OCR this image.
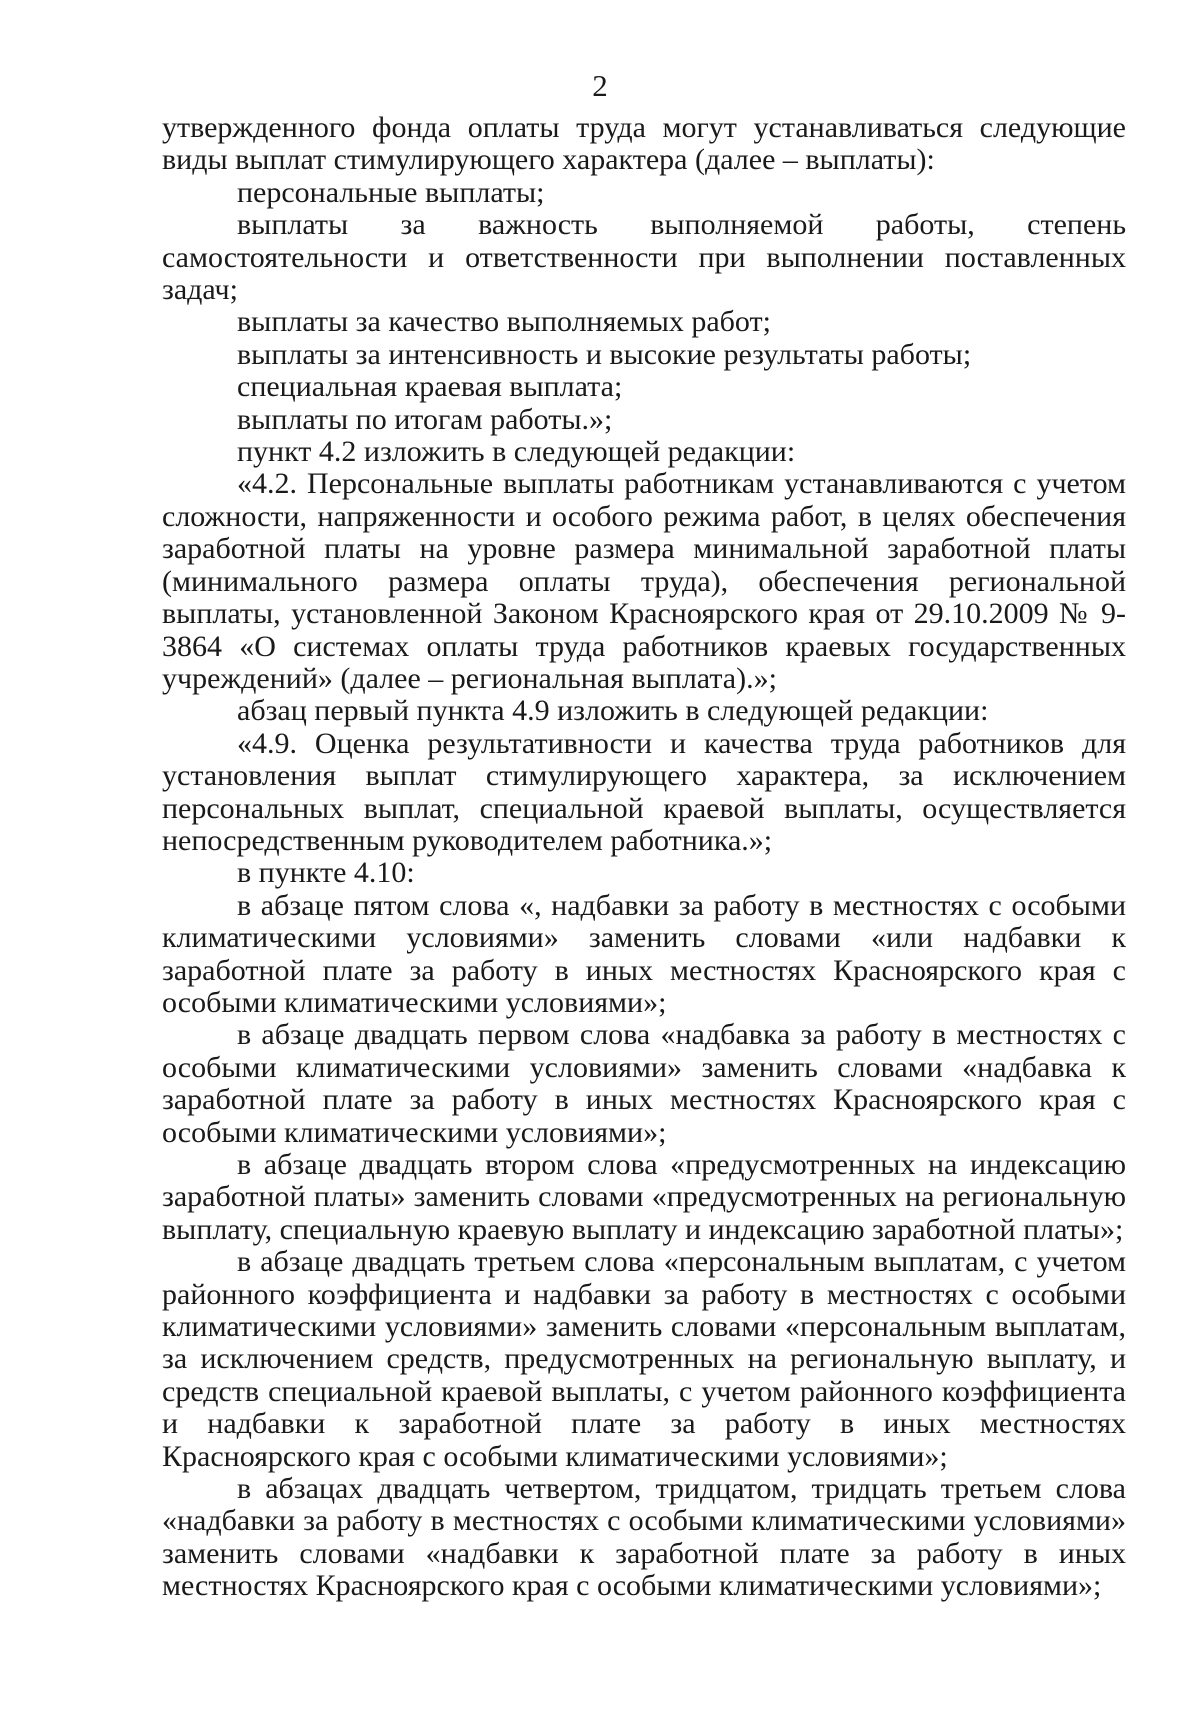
2

утвержденного фонда оплаты труда могут устанавливаться следующие виды выплат стимулирующего характера (далее – выплаты):

персональные выплаты;

выплаты за важность выполняемой работы, степень самостоятельности и ответственности при выполнении поставленных задач;

выплаты за качество выполняемых работ;

выплаты за интенсивность и высокие результаты работы;

специальная краевая выплата;

выплаты по итогам работы.»;

пункт 4.2 изложить в следующей редакции:

«4.2. Персональные выплаты работникам устанавливаются с учетом сложности, напряженности и особого режима работ, в целях обеспечения заработной платы на уровне размера минимальной заработной платы (минимального размера оплаты труда), обеспечения региональной выплаты, установленной Законом Красноярского края от 29.10.2009 № 9-3864 «О системах оплаты труда работников краевых государственных учреждений» (далее – региональная выплата).»;

абзац первый пункта 4.9 изложить в следующей редакции:

«4.9. Оценка результативности и качества труда работников для установления выплат стимулирующего характера, за исключением персональных выплат, специальной краевой выплаты, осуществляется непосредственным руководителем работника.»;

в пункте 4.10:

в абзаце пятом слова «, надбавки за работу в местностях с особыми климатическими условиями» заменить словами «или надбавки к заработной плате за работу в иных местностях Красноярского края с особыми климатическими условиями»;

в абзаце двадцать первом слова «надбавка за работу в местностях с особыми климатическими условиями» заменить словами «надбавка к заработной плате за работу в иных местностях Красноярского края с особыми климатическими условиями»;

в абзаце двадцать втором слова «предусмотренных на индексацию заработной платы» заменить словами «предусмотренных на региональную выплату, специальную краевую выплату и индексацию заработной платы»;

в абзаце двадцать третьем слова «персональным выплатам, с учетом районного коэффициента и надбавки за работу в местностях с особыми климатическими условиями» заменить словами «персональным выплатам, за исключением средств, предусмотренных на региональную выплату, и средств специальной краевой выплаты, с учетом районного коэффициента и надбавки к заработной плате за работу в иных местностях Красноярского края с особыми климатическими условиями»;

в абзацах двадцать четвертом, тридцатом, тридцать третьем слова «надбавки за работу в местностях с особыми климатическими условиями» заменить словами «надбавки к заработной плате за работу в иных местностях Красноярского края с особыми климатическими условиями»;
